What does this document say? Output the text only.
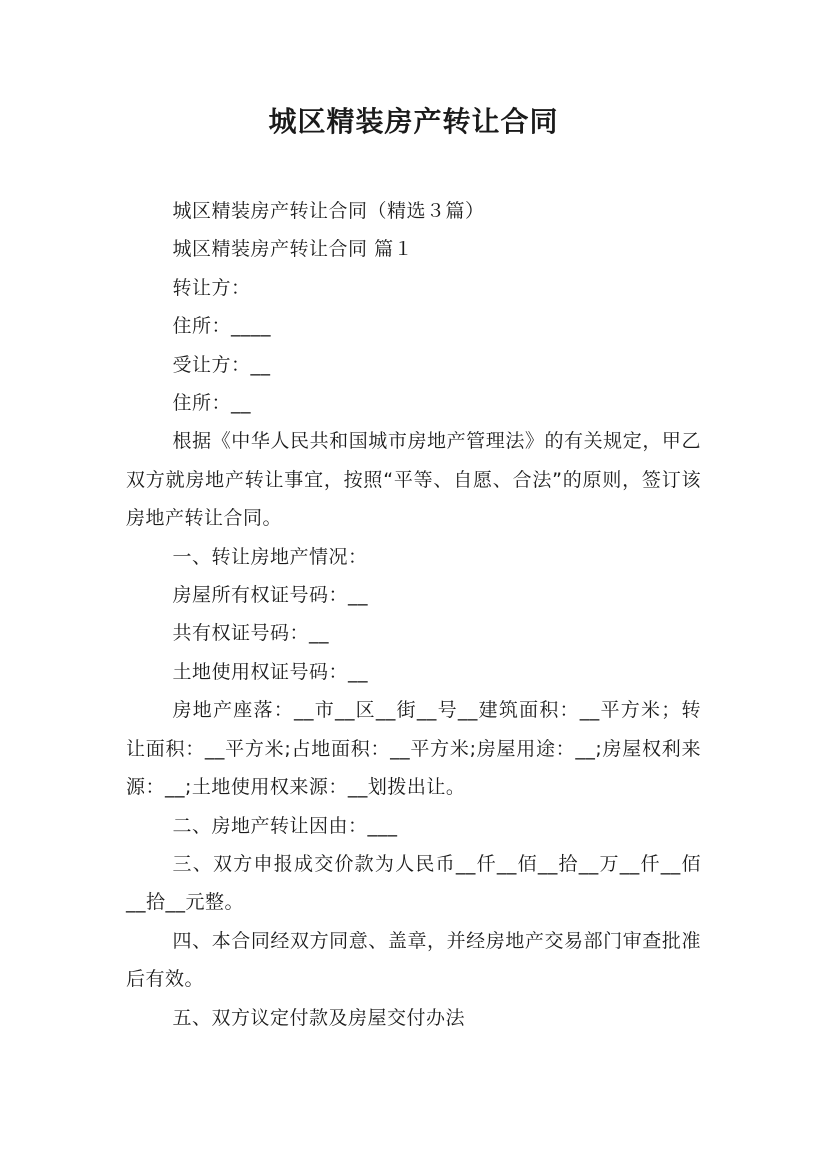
城区精装房产转让合同

城区精装房产转让合同（精选３篇）

城区精装房产转让合同 篇１

转让方：

住所：____

受让方：__

住所：__

根据《中华人民共和国城市房地产管理法》的有关规定，甲乙双方就房地产转让事宜，按照“平等、自愿、合法”的原则，签订该房地产转让合同。

一、转让房地产情况：

房屋所有权证号码：__

共有权证号码：__

土地使用权证号码：__

房地产座落：__市__区__街__号__建筑面积：__平方米；转让面积：__平方米;占地面积：__平方米;房屋用途：__;房屋权利来源：__;土地使用权来源：__划拨出让。

二、房地产转让因由：___

三、双方申报成交价款为人民币__仟__佰__拾__万__仟__佰__拾__元整。

四、本合同经双方同意、盖章，并经房地产交易部门审查批准后有效。

五、双方议定付款及房屋交付办法
